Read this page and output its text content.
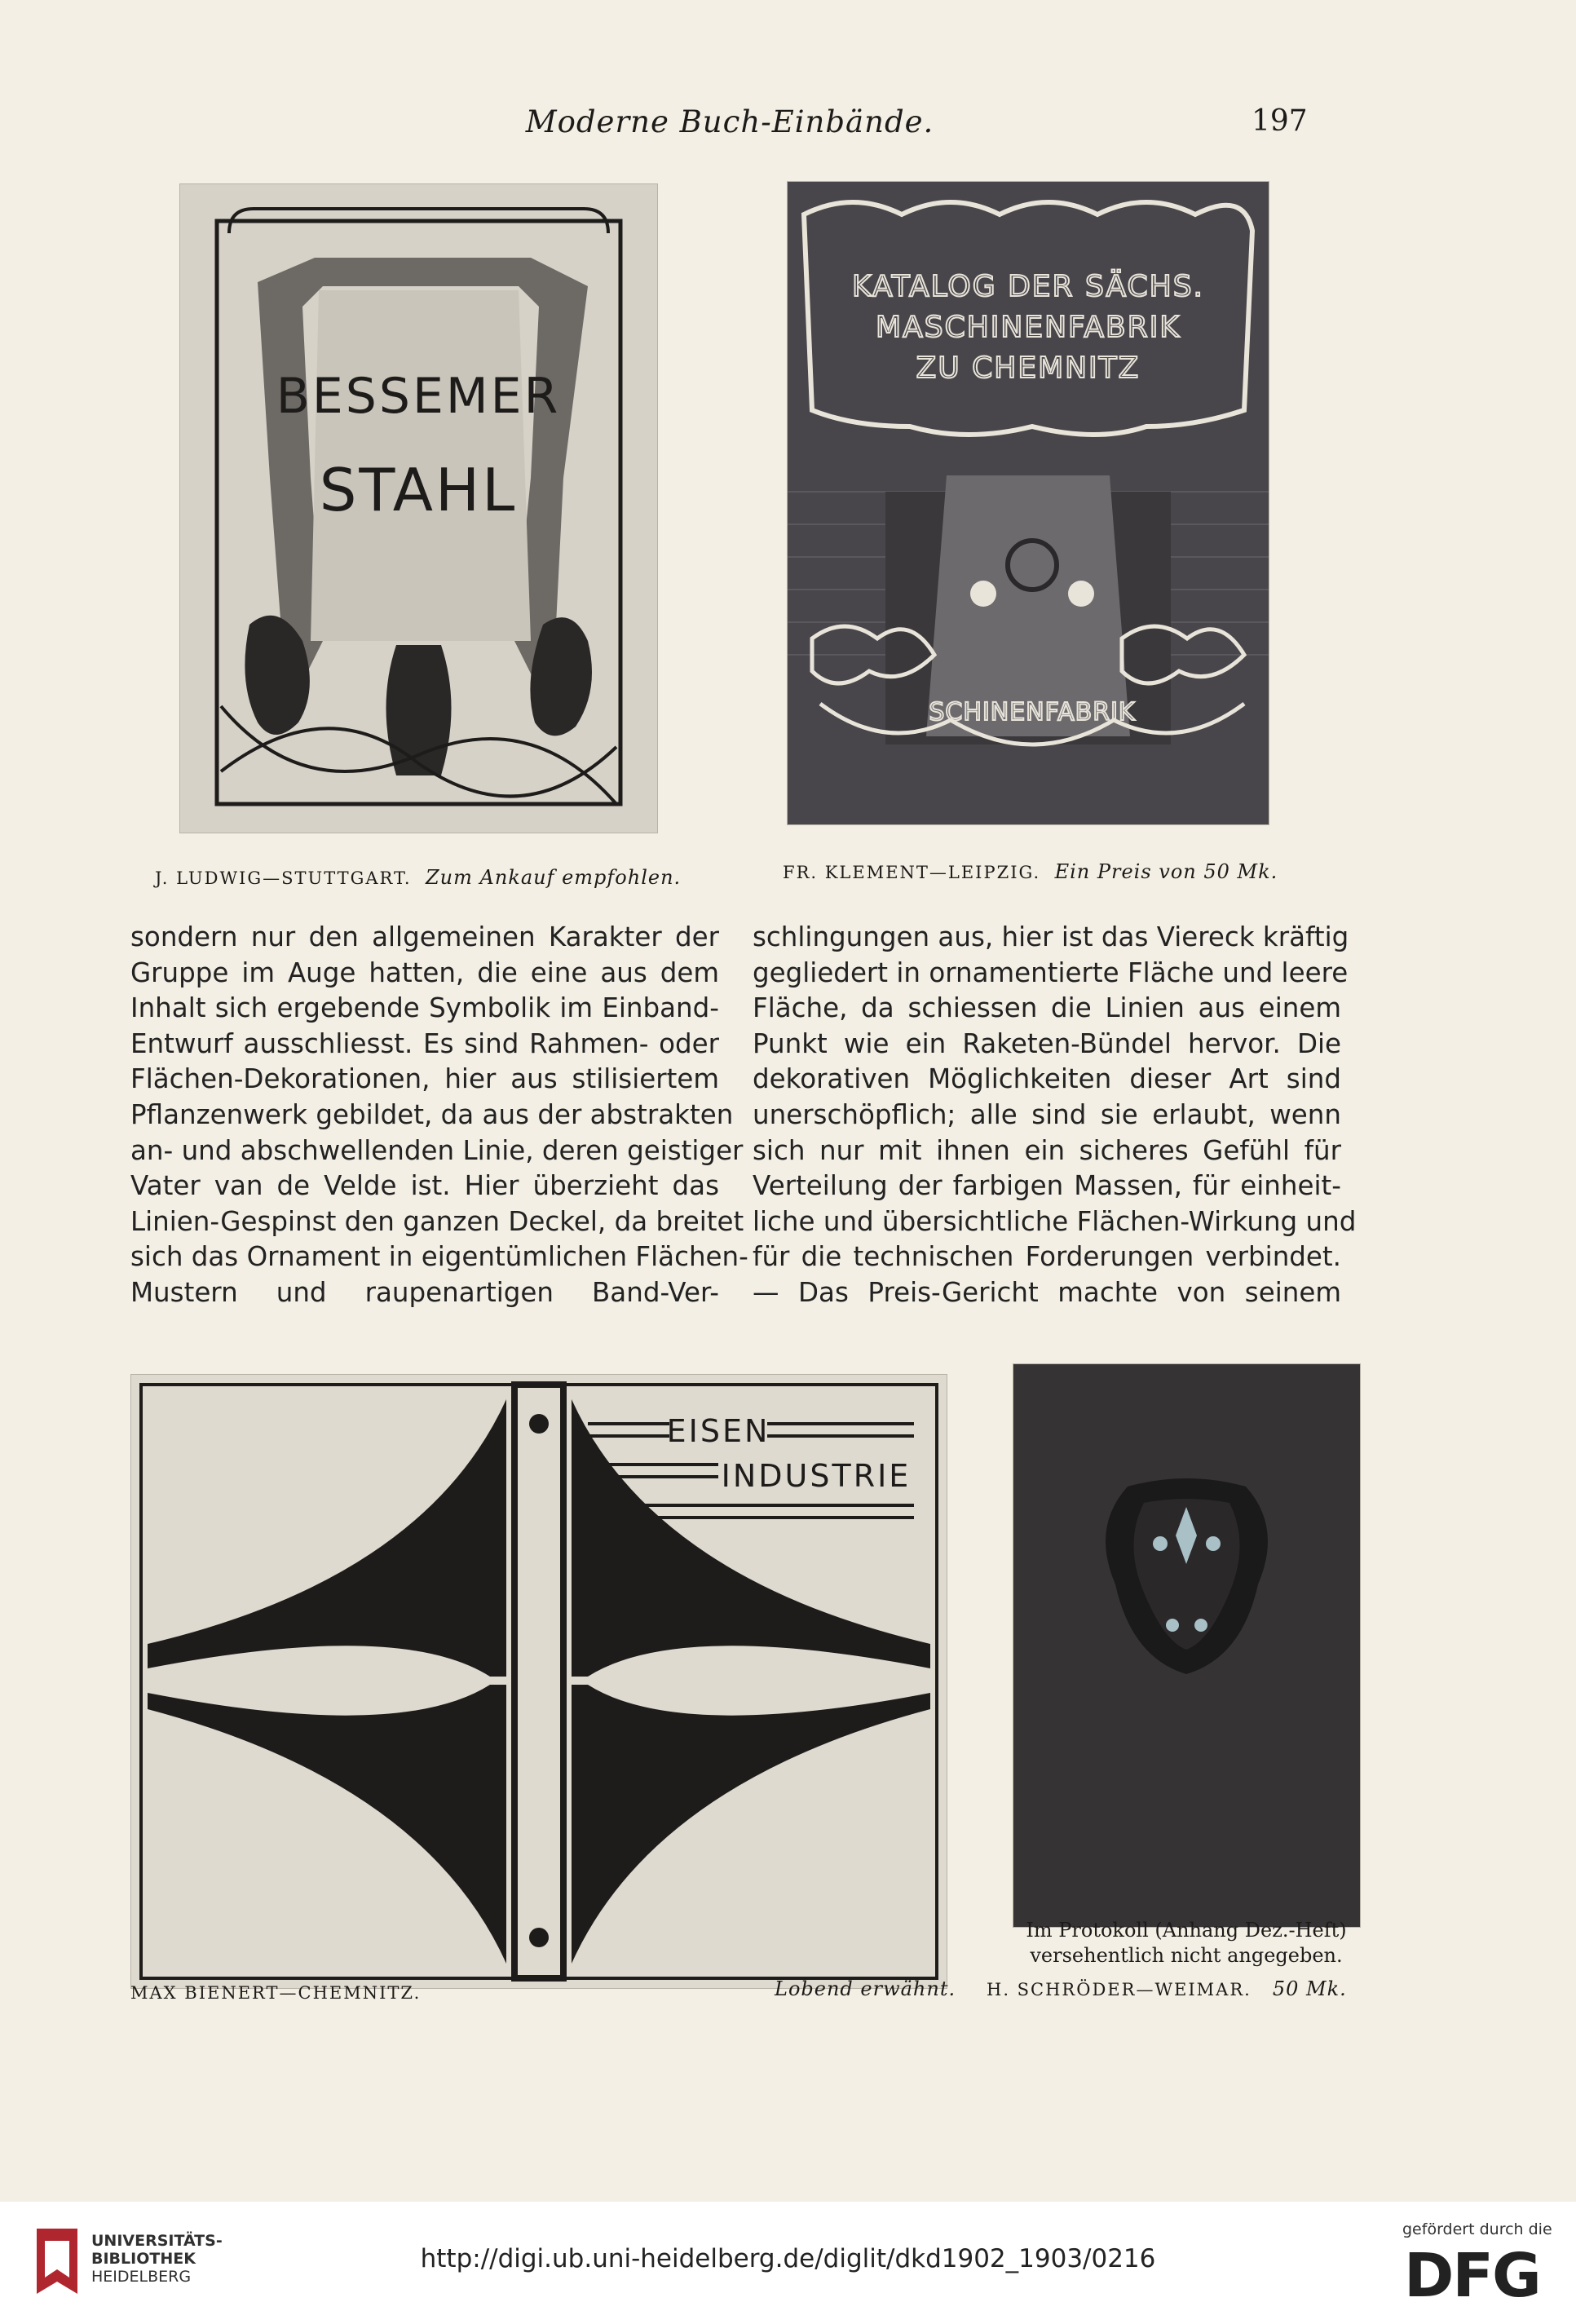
Moderne Buch-Einbände.	197
BESSEMER
STAHL
KATALOG DER SÄCHS.
MASCHINENFABRIK
ZU CHEMNITZ
SCHINENFABRIK
J. LUDWIG—STUTTGART. Zum Ankauf empfohlen.	FR. KLEMENT—LEIPZIG. Ein Preis von 50 Mk.
sondern nur den allgemeinen Karakter der
Gruppe im Auge hatten, die eine aus dem
Inhalt sich ergebende Symbolik im Einband-
Entwurf ausschliesst. Es sind Rahmen- oder
Flächen-Dekorationen, hier aus stilisiertem
Pflanzenwerk gebildet, da aus der abstrakten
an- und abschwellenden Linie, deren geistiger
Vater van de Velde ist. Hier überzieht das
Linien-Gespinst den ganzen Deckel, da breitet
sich das Ornament in eigentümlichen Flächen-
Mustern und raupenartigen Band-Ver-
schlingungen aus, hier ist das Viereck kräftig
gegliedert in ornamentierte Fläche und leere
Fläche, da schiessen die Linien aus einem
Punkt wie ein Raketen-Bündel hervor. Die
dekorativen Möglichkeiten dieser Art sind
unerschöpflich; alle sind sie erlaubt, wenn
sich nur mit ihnen ein sicheres Gefühl für
Verteilung der farbigen Massen, für einheit-
liche und übersichtliche Flächen-Wirkung und
für die technischen Forderungen verbindet.
— Das Preis-Gericht machte von seinem
EISEN
INDUSTRIE
Im Protokoll (Anhang Dez.-Heft)
versehentlich nicht angegeben.
MAX BIENERT—CHEMNITZ.	Lobend erwähnt. H. SCHRÖDER—WEIMAR. 50 Mk.
UNIVERSITÄTS-
BIBLIOTHEK
HEIDELBERG
http://digi.ub.uni-heidelberg.de/diglit/dkd1902_1903/0216
gefördert durch die
DFG
